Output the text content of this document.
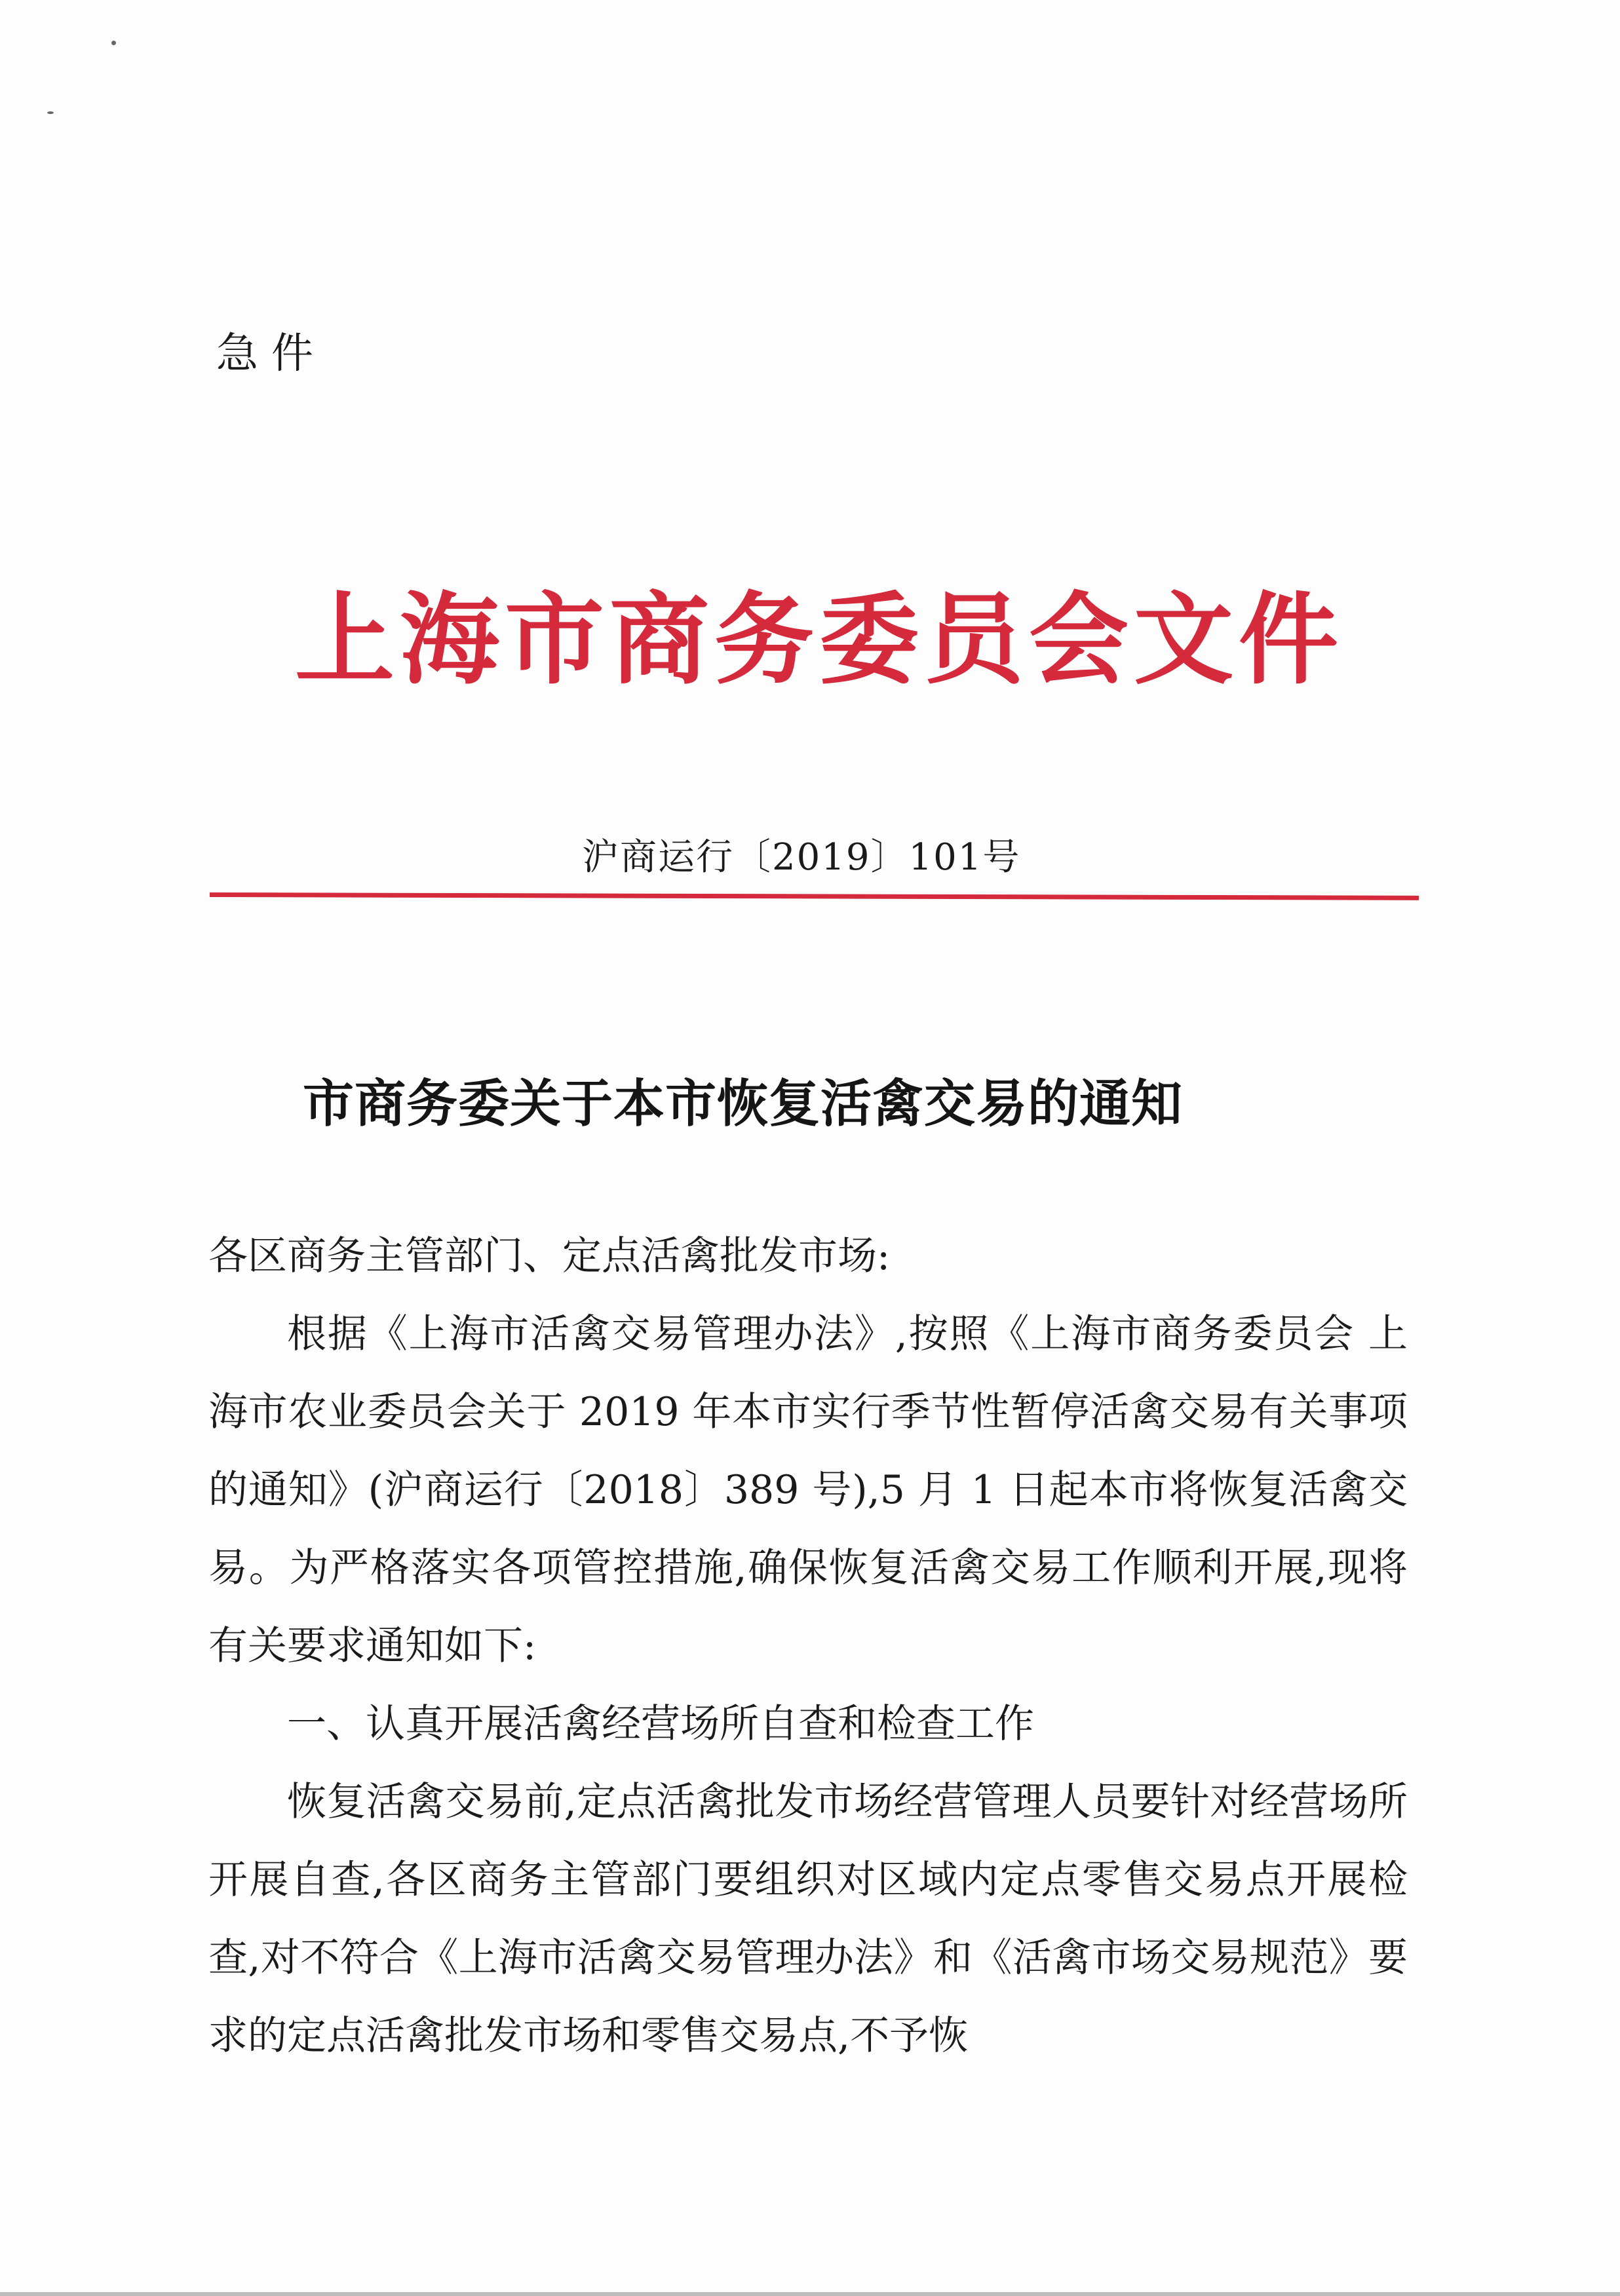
急件
上海市商务委员会文件
沪商运行〔2019〕101号
市商务委关于本市恢复活禽交易的通知

各区商务主管部门、定点活禽批发市场:

根据《上海市活禽交易管理办法》,按照《上海市商务委员会 上海市农业委员会关于 2019 年本市实行季节性暂停活禽交易有关事项的通知》(沪商运行〔2018〕389 号),5 月 1 日起本市将恢复活禽交易。为严格落实各项管控措施,确保恢复活禽交易工作顺利开展,现将有关要求通知如下:

一、认真开展活禽经营场所自查和检查工作

恢复活禽交易前,定点活禽批发市场经营管理人员要针对经营场所开展自查,各区商务主管部门要组织对区域内定点零售交易点开展检查,对不符合《上海市活禽交易管理办法》和《活禽市场交易规范》要求的定点活禽批发市场和零售交易点,不予恢
